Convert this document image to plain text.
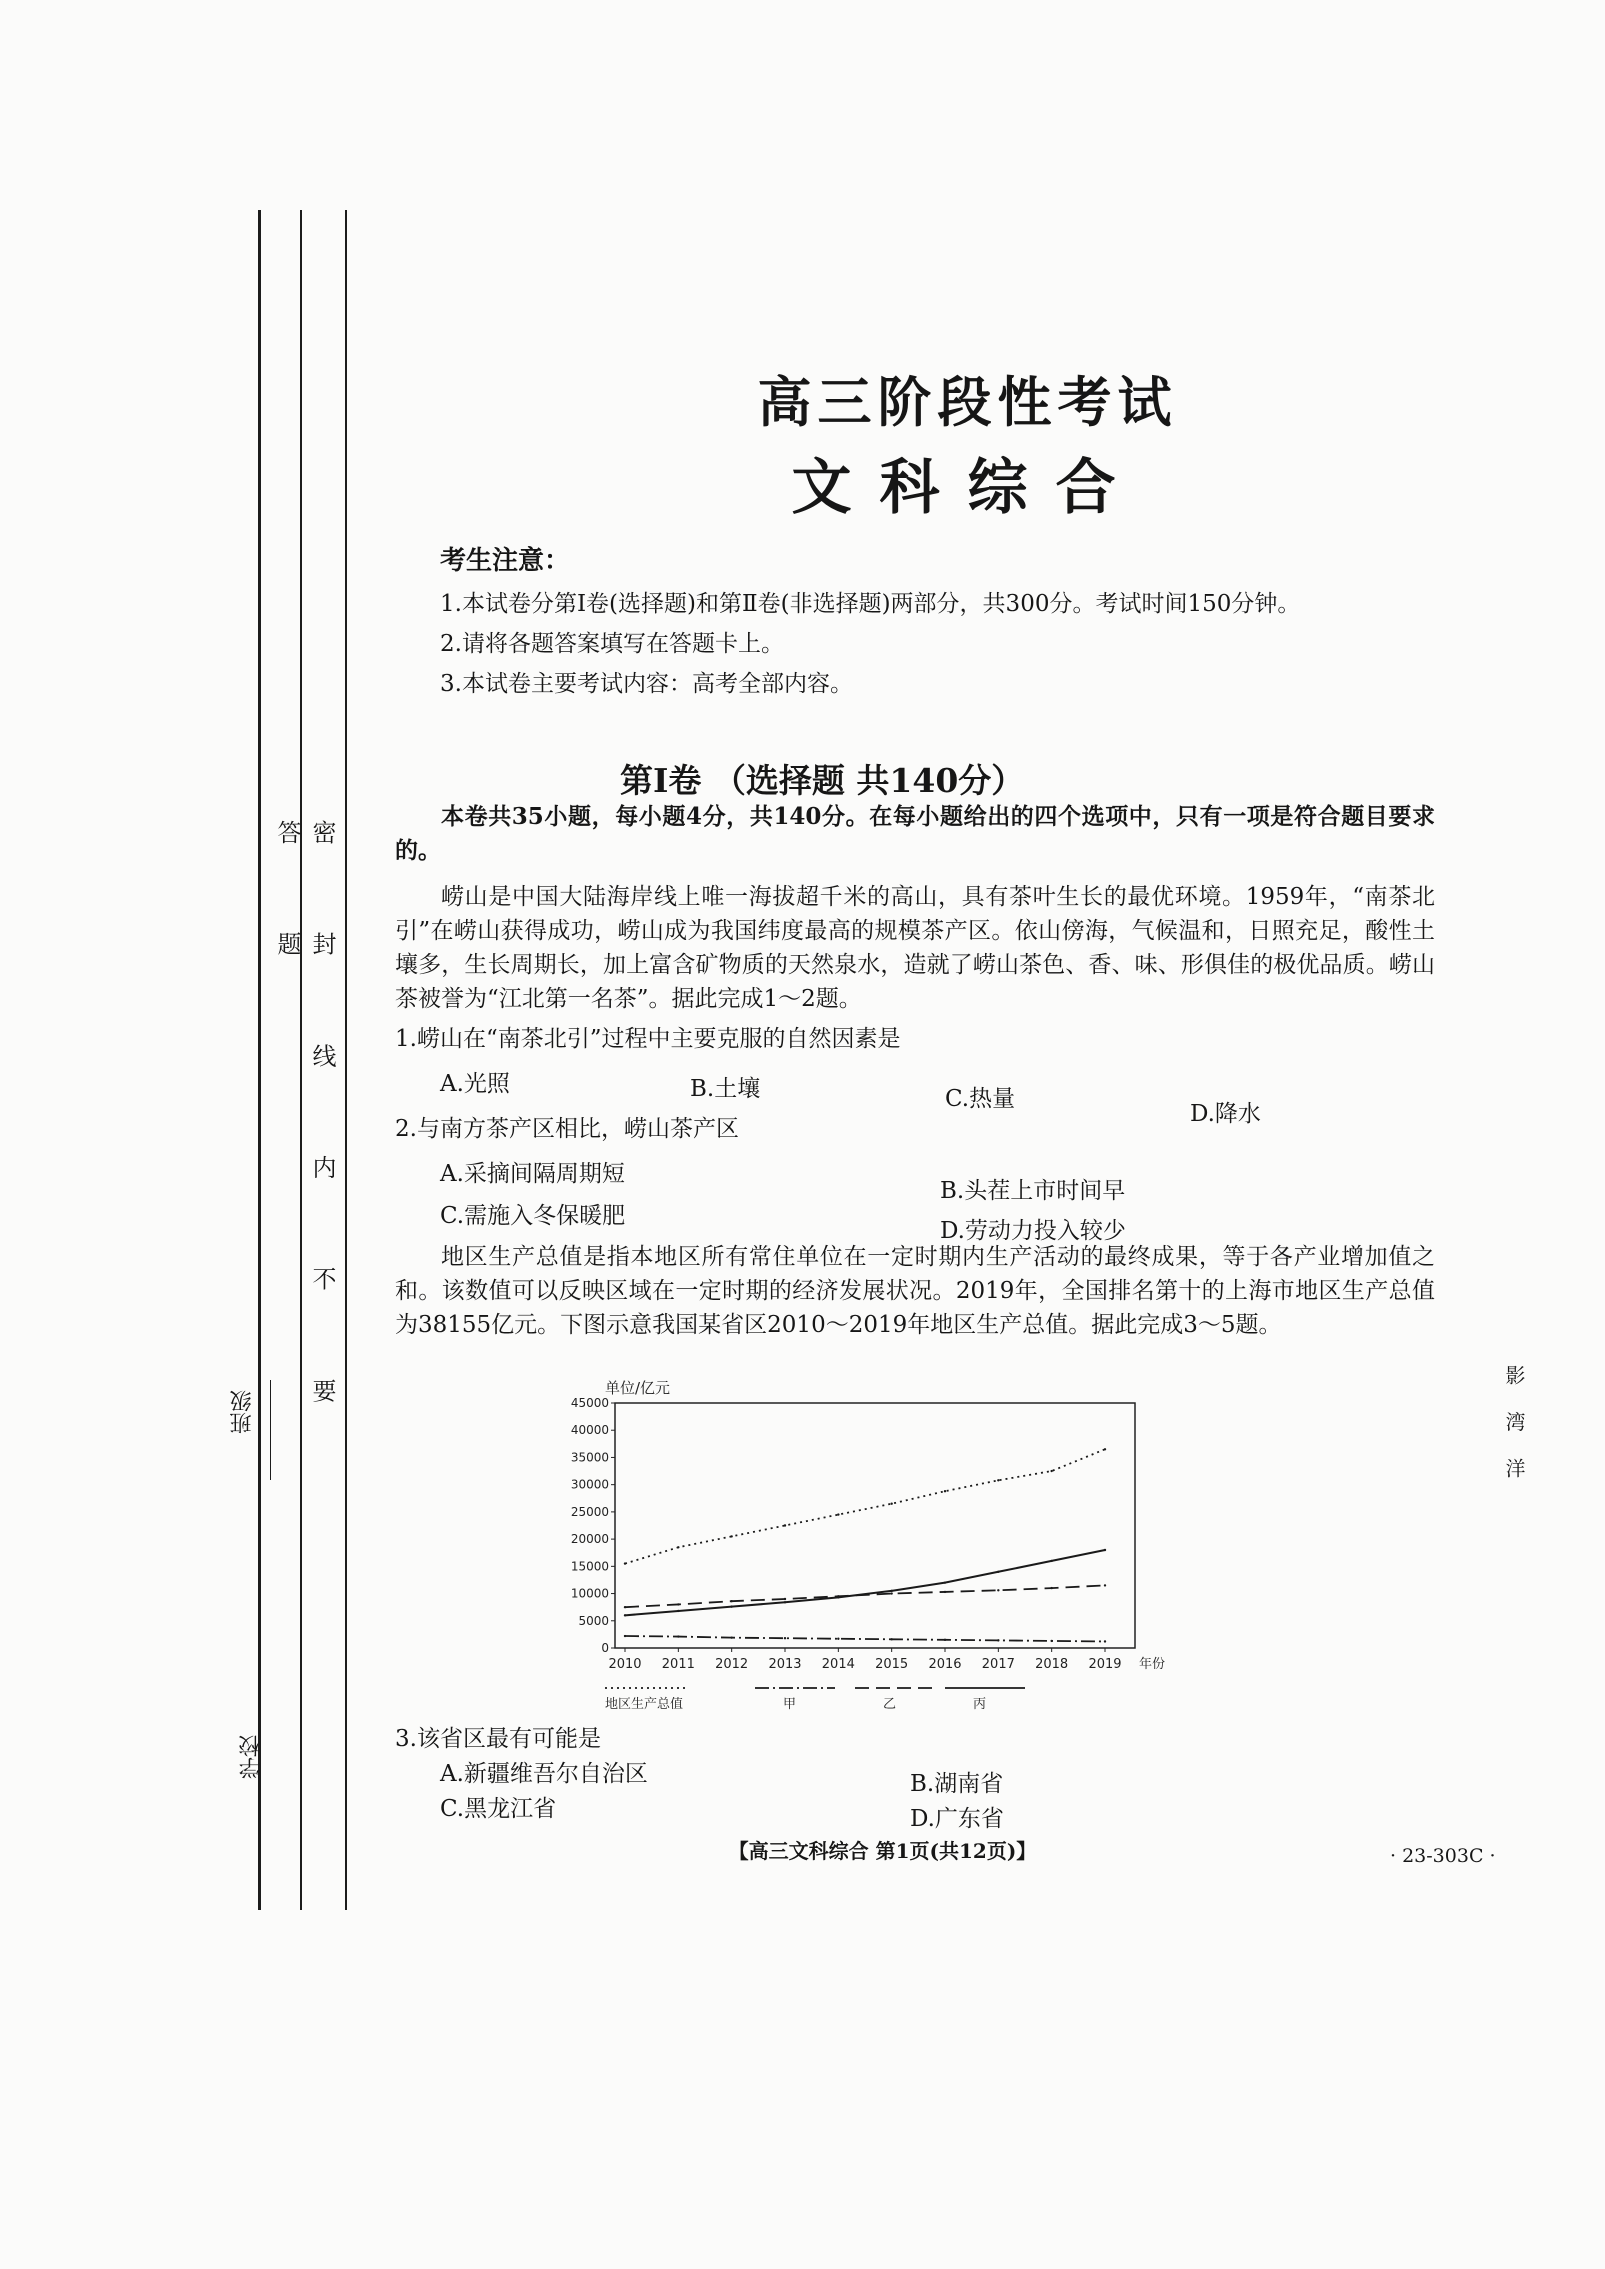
密 封 线 内 不 要 答 题
班级
学校
高三阶段性考试
文科综合
考生注意：
1.本试卷分第Ⅰ卷(选择题)和第Ⅱ卷(非选择题)两部分，共300分。考试时间150分钟。
2.请将各题答案填写在答题卡上。
3.本试卷主要考试内容：高考全部内容。
第Ⅰ卷 （选择题 共140分）
本卷共35小题，每小题4分，共140分。在每小题给出的四个选项中，只有一项是符合题目要求的。
崂山是中国大陆海岸线上唯一海拔超千米的高山，具有茶叶生长的最优环境。1959年，“南茶北引”在崂山获得成功，崂山成为我国纬度最高的规模茶产区。依山傍海，气候温和，日照充足，酸性土壤多，生长周期长，加上富含矿物质的天然泉水，造就了崂山茶色、香、味、形俱佳的极优品质。崂山茶被誉为“江北第一名茶”。据此完成1～2题。
1.崂山在“南茶北引”过程中主要克服的自然因素是
A.光照	B.土壤	C.热量
D.降水
2.与南方茶产区相比，崂山茶产区
A.采摘间隔周期短
B.头茬上市时间早
C.需施入冬保暖肥
D.劳动力投入较少
地区生产总值是指本地区所有常住单位在一定时期内生产活动的最终成果，等于各产业增加值之和。该数值可以反映区域在一定时期的经济发展状况。2019年，全国排名第十的上海市地区生产总值为38155亿元。下图示意我国某省区2010～2019年地区生产总值。据此完成3～5题。
单位/亿元
0
5000
10000
15000
20000
25000
30000
35000
40000
45000
2010 2011 2012 2013 2014 2015 2016 2017 2018 2019 年份
地区生产总值	甲	乙	丙
3.该省区最有可能是
A.新疆维吾尔自治区	B.湖南省
C.黑龙江省	D.广东省
【高三文科综合 第1页(共12页)】	· 23-303C ·
影 湾 洋
